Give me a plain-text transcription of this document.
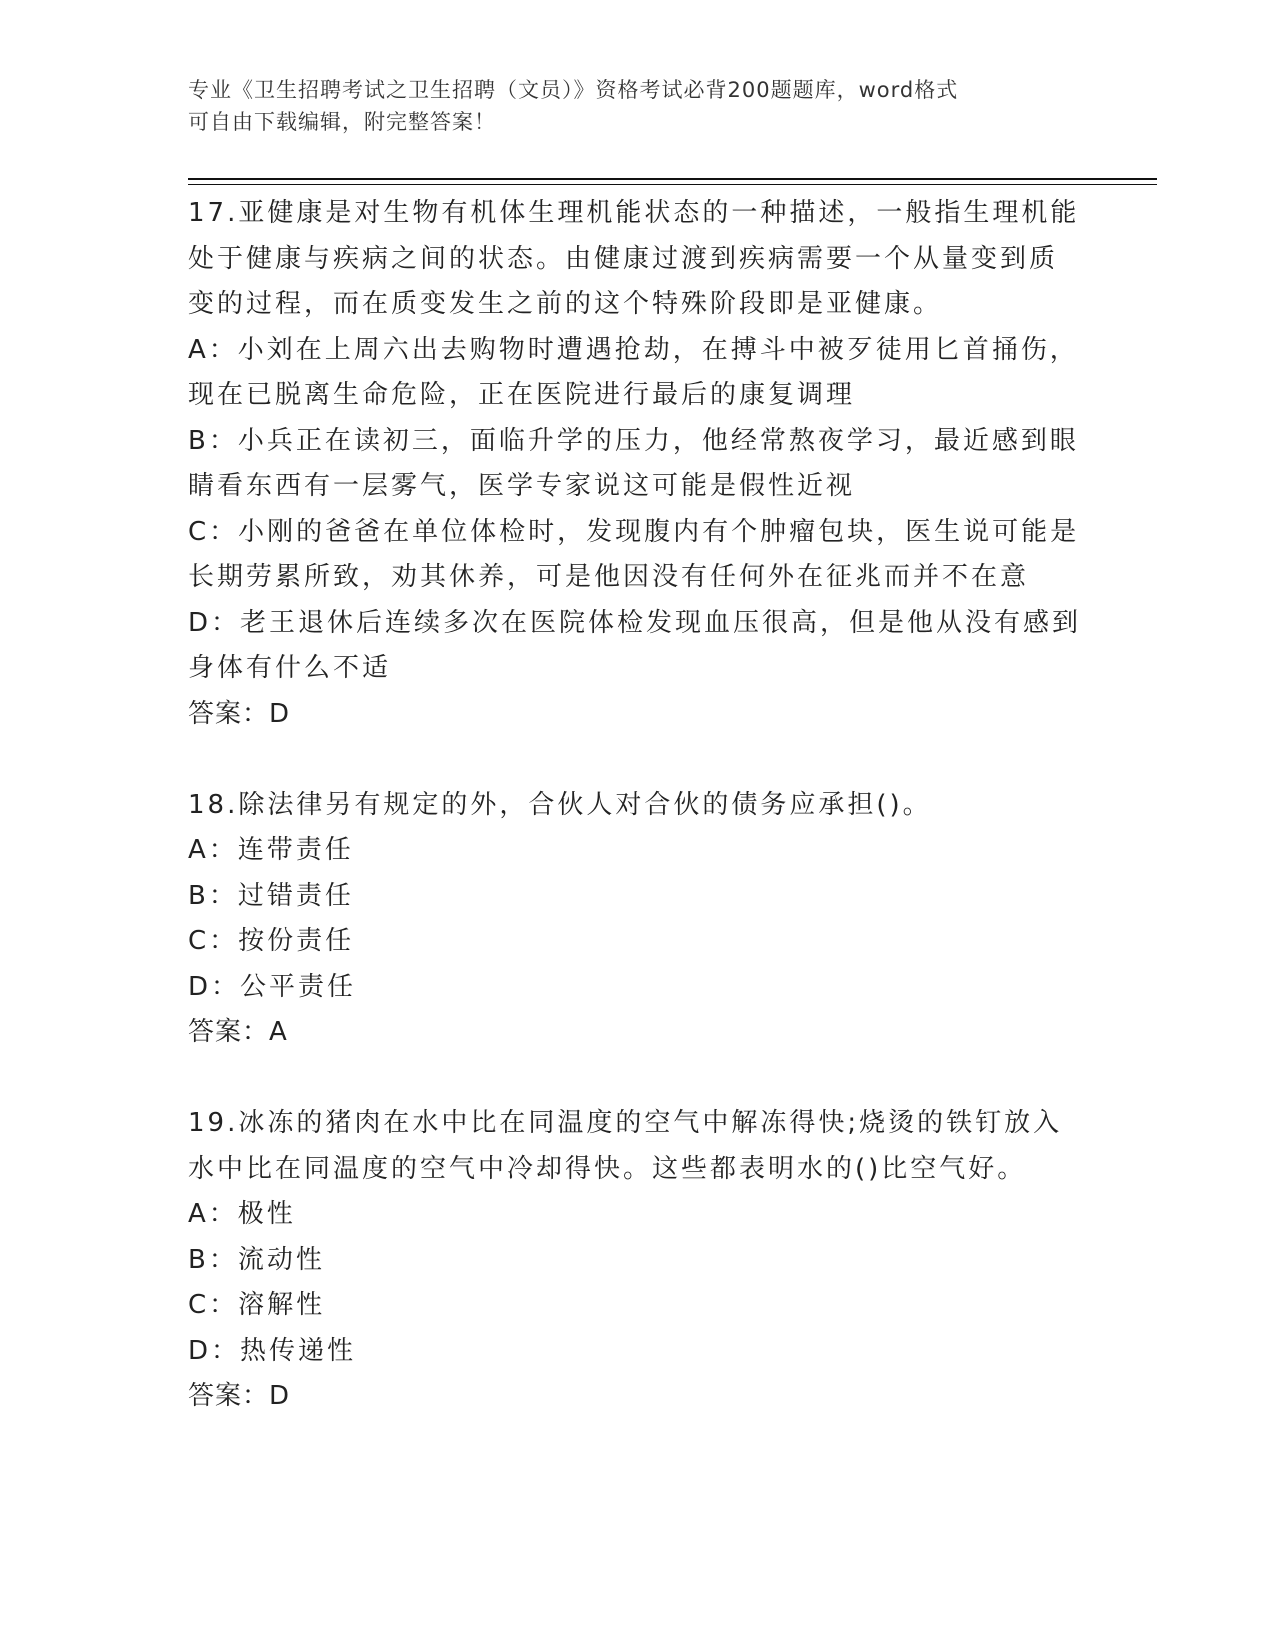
专业《卫生招聘考试之卫生招聘（文员）》资格考试必背200题题库，word格式
可自由下载编辑，附完整答案！
17.亚健康是对生物有机体生理机能状态的一种描述，一般指生理机能
处于健康与疾病之间的状态。由健康过渡到疾病需要一个从量变到质
变的过程，而在质变发生之前的这个特殊阶段即是亚健康。
A：小刘在上周六出去购物时遭遇抢劫，在搏斗中被歹徒用匕首捅伤，
现在已脱离生命危险，正在医院进行最后的康复调理
B：小兵正在读初三，面临升学的压力，他经常熬夜学习，最近感到眼
睛看东西有一层雾气，医学专家说这可能是假性近视
C：小刚的爸爸在单位体检时，发现腹内有个肿瘤包块，医生说可能是
长期劳累所致，劝其休养，可是他因没有任何外在征兆而并不在意
D：老王退休后连续多次在医院体检发现血压很高，但是他从没有感到
身体有什么不适
答案：D
18.除法律另有规定的外，合伙人对合伙的债务应承担()。
A：连带责任
B：过错责任
C：按份责任
D：公平责任
答案：A
19.冰冻的猪肉在水中比在同温度的空气中解冻得快;烧烫的铁钉放入
水中比在同温度的空气中冷却得快。这些都表明水的()比空气好。
A：极性
B：流动性
C：溶解性
D：热传递性
答案：D
